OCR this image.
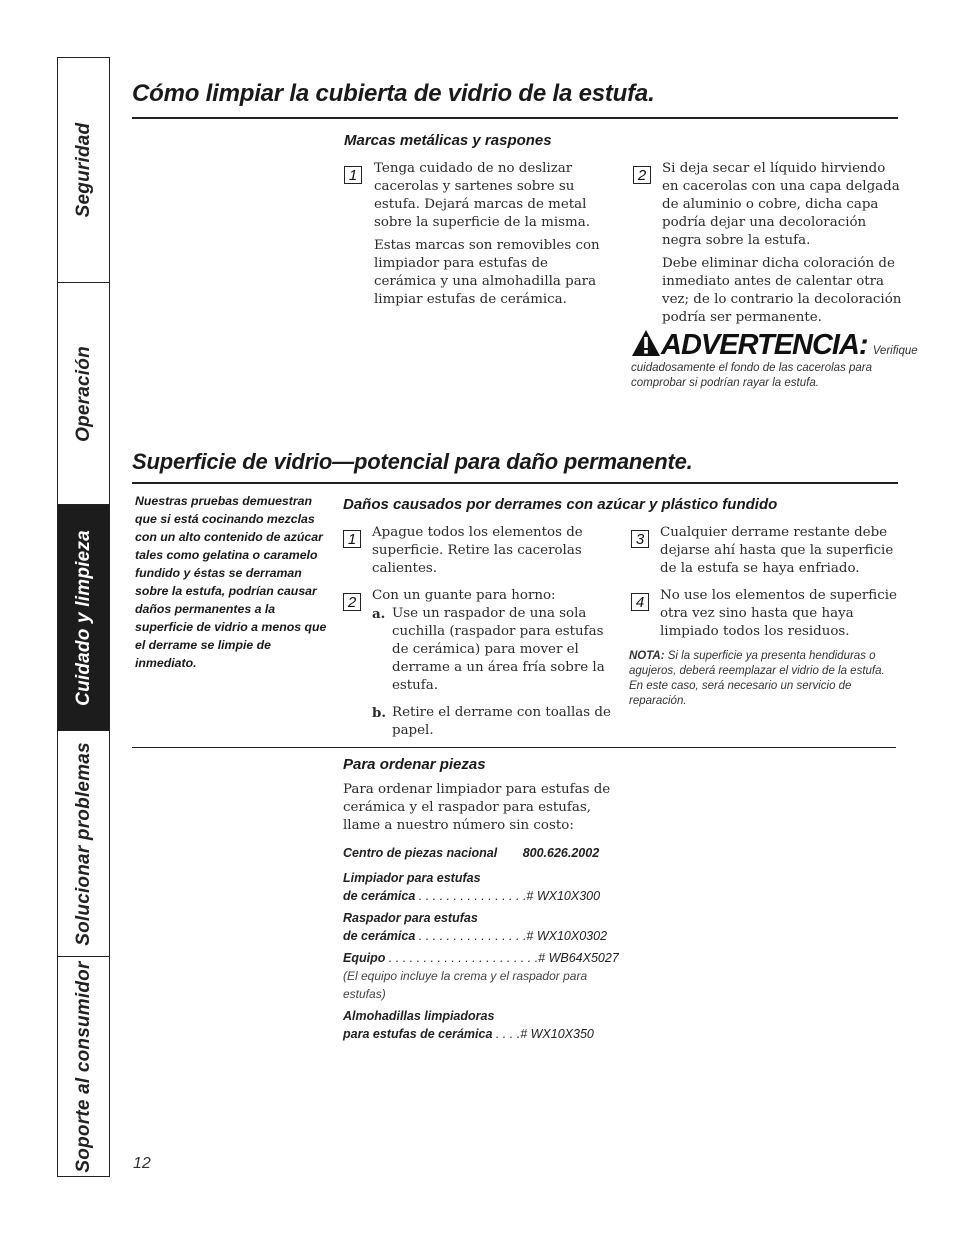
Seguridad
Operación
Cuidado y limpieza
Solucionar problemas
Soporte al consumidor
Cómo limpiar la cubierta de vidrio de la estufa.
Marcas metálicas y raspones
1	Tenga cuidado de no deslizar cacerolas y sartenes sobre su estufa. Dejará marcas de metal sobre la superficie de la misma.

Estas marcas son removibles con limpiador para estufas de cerámica y una almohadilla para limpiar estufas de cerámica.

2	Si deja secar el líquido hirviendo en cacerolas con una capa delgada de aluminio o cobre, dicha capa podría dejar una decoloración negra sobre la estufa.

Debe eliminar dicha coloración de inmediato antes de calentar otra vez; de lo contrario la decoloración podría ser permanente.

ADVERTENCIA: Verifique
cuidadosamente el fondo de las cacerolas para comprobar si podrían rayar la estufa.
Superficie de vidrio—potencial para daño permanente.
Nuestras pruebas demuestran que si está cocinando mezclas con un alto contenido de azúcar tales como gelatina o caramelo fundido y éstas se derraman sobre la estufa, podrían causar daños permanentes a la superficie de vidrio a menos que el derrame se limpie de inmediato.
Daños causados por derrames con azúcar y plástico fundido
1	Apague todos los elementos de superficie. Retire las cacerolas calientes.

2	Con un guante para horno:

a. Use un raspador de una sola cuchilla (raspador para estufas de cerámica) para mover el derrame a un área fría sobre la estufa.
b. Retire el derrame con toallas de papel.
3	Cualquier derrame restante debe dejarse ahí hasta que la superficie de la estufa se haya enfriado.

4	No use los elementos de superficie otra vez sino hasta que haya limpiado todos los residuos.

NOTA: Si la superficie ya presenta hendiduras o agujeros, deberá reemplazar el vidrio de la estufa. En este caso, será necesario un servicio de reparación.
Para ordenar piezas
Para ordenar limpiador para estufas de cerámica y el raspador para estufas, llame a nuestro número sin costo:
Centro de piezas nacional 800.626.2002
Limpiador para estufas
de cerámica . . . . . . . . . . . . . . . .# WX10X300
Raspador para estufas
de cerámica . . . . . . . . . . . . . . . .# WX10X0302
Equipo . . . . . . . . . . . . . . . . . . . . . .# WB64X5027
(El equipo incluye la crema y el raspador para estufas)
Almohadillas limpiadoras
para estufas de cerámica . . . .# WX10X350
12
